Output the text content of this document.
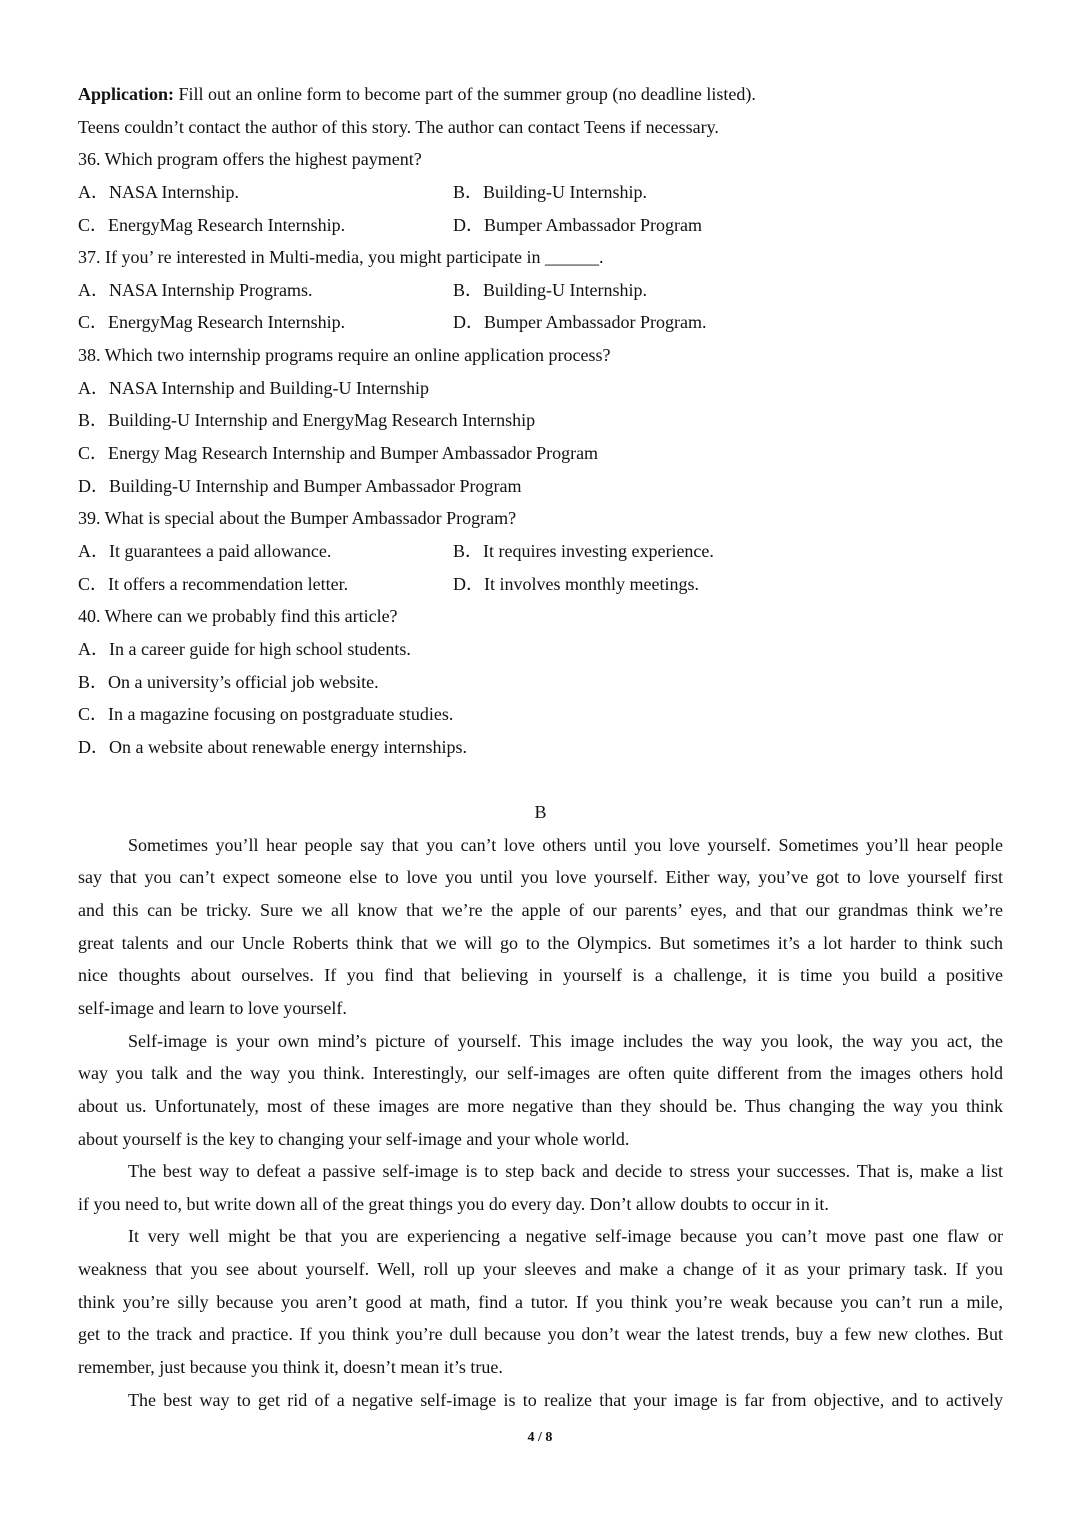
Application: Fill out an online form to become part of the summer group (no deadline listed).
Teens couldn’t contact the author of this story. The author can contact Teens if necessary.
36. Which program offers the highest payment?
A．NASA Internship.	B．Building-U Internship.
C．EnergyMag Research Internship.	D．Bumper Ambassador Program
37. If you’ re interested in Multi-media, you might participate in ______.
A．NASA Internship Programs.	B．Building-U Internship.
C．EnergyMag Research Internship.	D．Bumper Ambassador Program.
38. Which two internship programs require an online application process?
A．NASA Internship and Building-U Internship
B．Building-U Internship and EnergyMag Research Internship
C．Energy Mag Research Internship and Bumper Ambassador Program
D．Building-U Internship and Bumper Ambassador Program
39. What is special about the Bumper Ambassador Program?
A．It guarantees a paid allowance.	B．It requires investing experience.
C．It offers a recommendation letter.	D．It involves monthly meetings.
40. Where can we probably find this article?
A．In a career guide for high school students.
B．On a university’s official job website.
C．In a magazine focusing on postgraduate studies.
D．On a website about renewable energy internships.
B
Sometimes you’ll hear people say that you can’t love others until you love yourself. Sometimes you’ll hear people
say that you can’t expect someone else to love you until you love yourself. Either way, you’ve got to love yourself first
and this can be tricky. Sure we all know that we’re the apple of our parents’ eyes, and that our grandmas think we’re
great talents and our Uncle Roberts think that we will go to the Olympics. But sometimes it’s a lot harder to think such
nice thoughts about ourselves. If you find that believing in yourself is a challenge, it is time you build a positive
self-image and learn to love yourself.
Self-image is your own mind’s picture of yourself. This image includes the way you look, the way you act, the
way you talk and the way you think. Interestingly, our self-images are often quite different from the images others hold
about us. Unfortunately, most of these images are more negative than they should be. Thus changing the way you think
about yourself is the key to changing your self-image and your whole world.
The best way to defeat a passive self-image is to step back and decide to stress your successes. That is, make a list
if you need to, but write down all of the great things you do every day. Don’t allow doubts to occur in it.
It very well might be that you are experiencing a negative self-image because you can’t move past one flaw or
weakness that you see about yourself. Well, roll up your sleeves and make a change of it as your primary task. If you
think you’re silly because you aren’t good at math, find a tutor. If you think you’re weak because you can’t run a mile,
get to the track and practice. If you think you’re dull because you don’t wear the latest trends, buy a few new clothes. But
remember, just because you think it, doesn’t mean it’s true.
The best way to get rid of a negative self-image is to realize that your image is far from objective, and to actively
4 / 8
